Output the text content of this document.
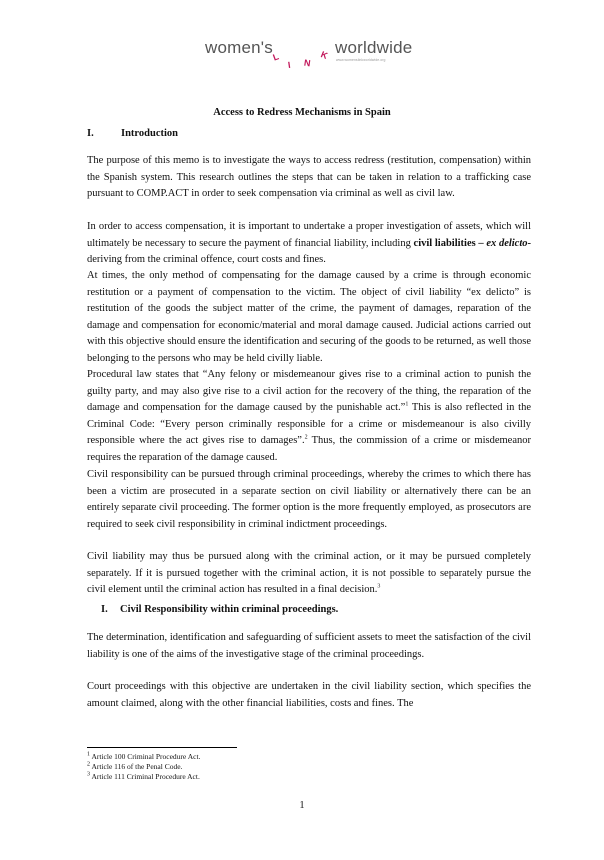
women's
L
I N
K worldwide
www.womenslinkworldwide.org
Access to Redress Mechanisms in Spain
I.	Introduction

The purpose of this memo is to investigate the ways to access redress (restitution, compensation) within the Spanish system. This research outlines the steps that can be taken in relation to a trafficking case pursuant to COMP.ACT in order to seek compensation via criminal as well as civil law.

In order to access compensation, it is important to undertake a proper investigation of assets, which will ultimately be necessary to secure the payment of financial liability, including civil liabilities – ex delicto- deriving from the criminal offence, court costs and fines.

At times, the only method of compensating for the damage caused by a crime is through economic restitution or a payment of compensation to the victim. The object of civil liability “ex delicto” is restitution of the goods the subject matter of the crime, the payment of damages, reparation of the damage and compensation for economic/material and moral damage caused. Judicial actions carried out with this objective should ensure the identification and securing of the goods to be returned, as well those belonging to the persons who may be held civilly liable.

Procedural law states that “Any felony or misdemeanour gives rise to a criminal action to punish the guilty party, and may also give rise to a civil action for the recovery of the thing, the reparation of the damage and compensation for the damage caused by the punishable act.”$^1$ This is also reflected in the Criminal Code: “Every person criminally responsible for a crime or misdemeanour is also civilly responsible where the act gives rise to damages”.$^2$ Thus, the commission of a crime or misdemeanor requires the reparation of the damage caused.

Civil responsibility can be pursued through criminal proceedings, whereby the crimes to which there has been a victim are prosecuted in a separate section on civil liability or alternatively there can be an entirely separate civil proceeding. The former option is the more frequently employed, as prosecutors are required to seek civil responsibility in criminal indictment proceedings.

Civil liability may thus be pursued along with the criminal action, or it may be pursued completely separately. If it is pursued together with the criminal action, it is not possible to separately pursue the civil element until the criminal action has resulted in a final decision.$^3$

I. Civil Responsibility within criminal proceedings.

The determination, identification and safeguarding of sufficient assets to meet the satisfaction of the civil liability is one of the aims of the investigative stage of the criminal proceedings.

Court proceedings with this objective are undertaken in the civil liability section, which specifies the amount claimed, along with the other financial liabilities, costs and fines. The

$^1$ Article 100 Criminal Procedure Act.
$^2$ Article 116 of the Penal Code.
$^3$ Article 111 Criminal Procedure Act.
1
